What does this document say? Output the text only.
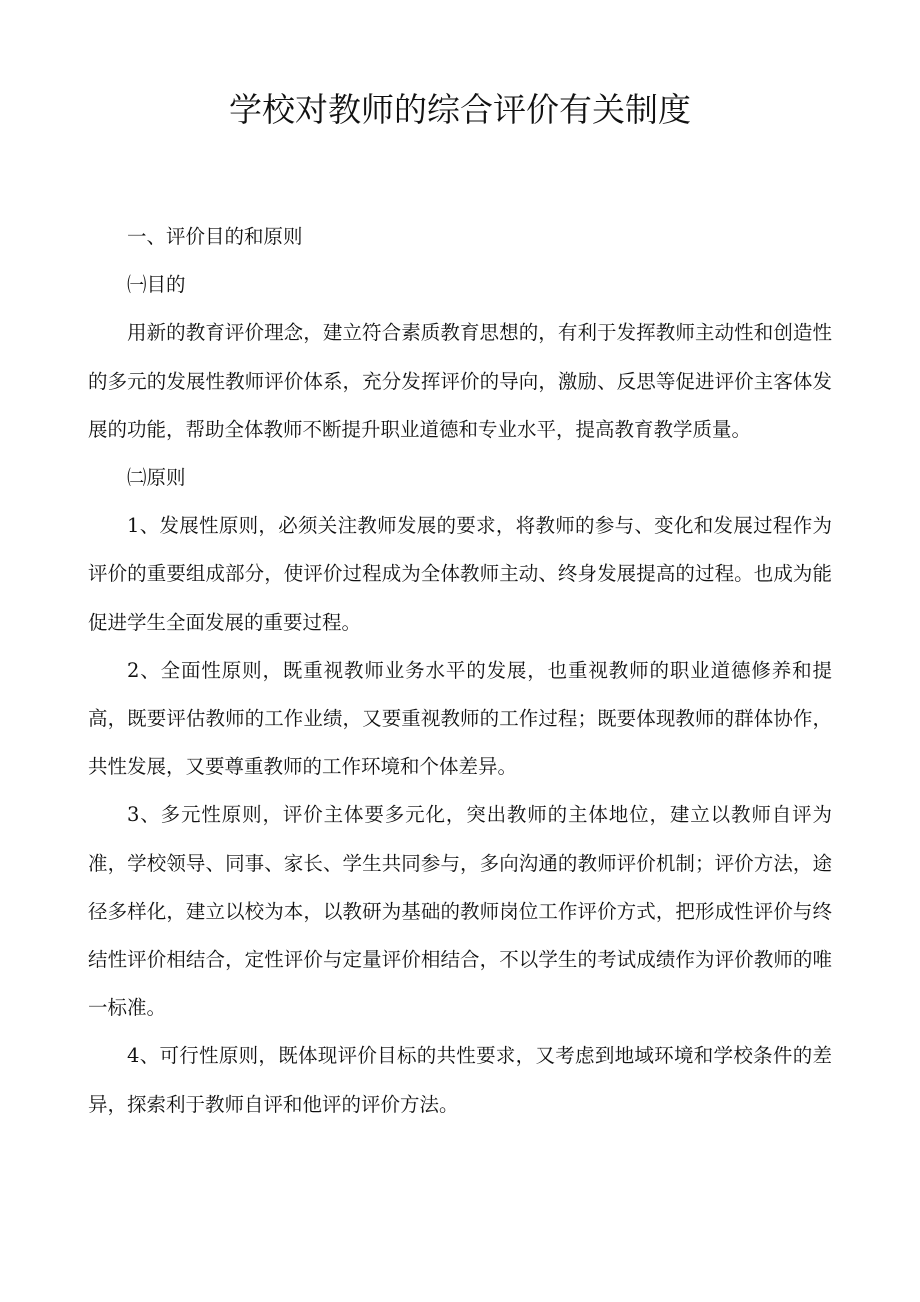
学校对教师的综合评价有关制度

一、评价目的和原则

㈠目的

用新的教育评价理念，建立符合素质教育思想的，有利于发挥教师主动性和创造性的多元的发展性教师评价体系，充分发挥评价的导向，激励、反思等促进评价主客体发展的功能，帮助全体教师不断提升职业道德和专业水平，提高教育教学质量。

㈡原则

1、发展性原则，必须关注教师发展的要求，将教师的参与、变化和发展过程作为评价的重要组成部分，使评价过程成为全体教师主动、终身发展提高的过程。也成为能促进学生全面发展的重要过程。

2、全面性原则，既重视教师业务水平的发展，也重视教师的职业道德修养和提高，既要评估教师的工作业绩，又要重视教师的工作过程；既要体现教师的群体协作，共性发展，又要尊重教师的工作环境和个体差异。

3、多元性原则，评价主体要多元化，突出教师的主体地位，建立以教师自评为准，学校领导、同事、家长、学生共同参与，多向沟通的教师评价机制；评价方法，途径多样化，建立以校为本，以教研为基础的教师岗位工作评价方式，把形成性评价与终结性评价相结合，定性评价与定量评价相结合，不以学生的考试成绩作为评价教师的唯一标准。

4、可行性原则，既体现评价目标的共性要求，又考虑到地域环境和学校条件的差异，探索利于教师自评和他评的评价方法。
